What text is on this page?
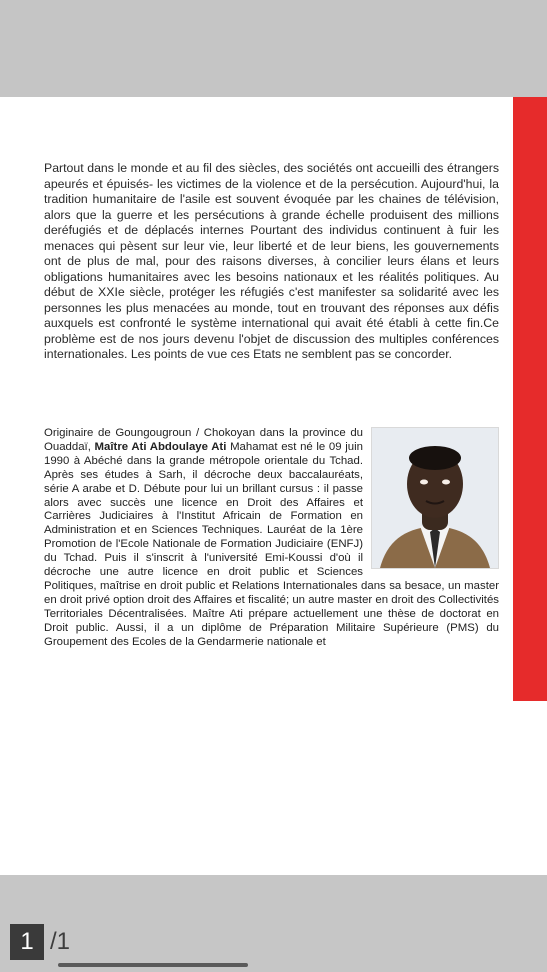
Partout dans le monde et au fil des siècles, des sociétés ont accueilli des étrangers apeurés et épuisés- les victimes de la violence et de la persécution. Aujourd'hui, la tradition humanitaire de l'asile est souvent évoquée par les chaines de télévision, alors que la guerre et les persécutions à grande échelle produisent des millions deréfugiés et de déplacés internes Pourtant des individus continuent à fuir les menaces qui pèsent sur leur vie, leur liberté et de leur biens, les gouvernements ont de plus de mal, pour des raisons diverses, à concilier leurs élans et leurs obligations humanitaires avec les besoins nationaux et les réalités politiques. Au début de XXIe siècle, protéger les réfugiés c'est manifester sa solidarité avec les personnes les plus menacées au monde, tout en trouvant des réponses aux défis auxquels est confronté le système international qui avait été établi à cette fin.Ce problème est de nos jours devenu l'objet de discussion des multiples conférences internationales. Les points de vue ces Etats ne semblent pas se concorder.

Originaire de Goungougroun / Chokoyan dans la province du Ouaddaï, Maître Ati Abdoulaye Ati Mahamat est né le 09 juin 1990 à Abéché dans la grande métropole orientale du Tchad. Après ses études à Sarh, il décroche deux baccalauréats, série A arabe et D. Débute pour lui un brillant cursus : il passe alors avec succès une licence en Droit des Affaires et Carrières Judiciaires à l'Institut Africain de Formation en Administration et en Sciences Techniques. Lauréat de la 1ère Promotion de l'Ecole Nationale de Formation Judiciaire (ENFJ) du Tchad. Puis il s'inscrit à l'université Emi-Koussi d'où il décroche une autre licence en droit public et Sciences Politiques, maîtrise en droit public et Relations Internationales dans sa besace, un master en droit privé option droit des Affaires et fiscalité; un autre master en droit des Collectivités Territoriales Décentralisées. Maître Ati prépare actuellement une thèse de doctorat en Droit public. Aussi, il a un diplôme de Préparation Militaire Supérieure (PMS) du Groupement des Ecoles de la Gendarmerie nationale et
1 /1
